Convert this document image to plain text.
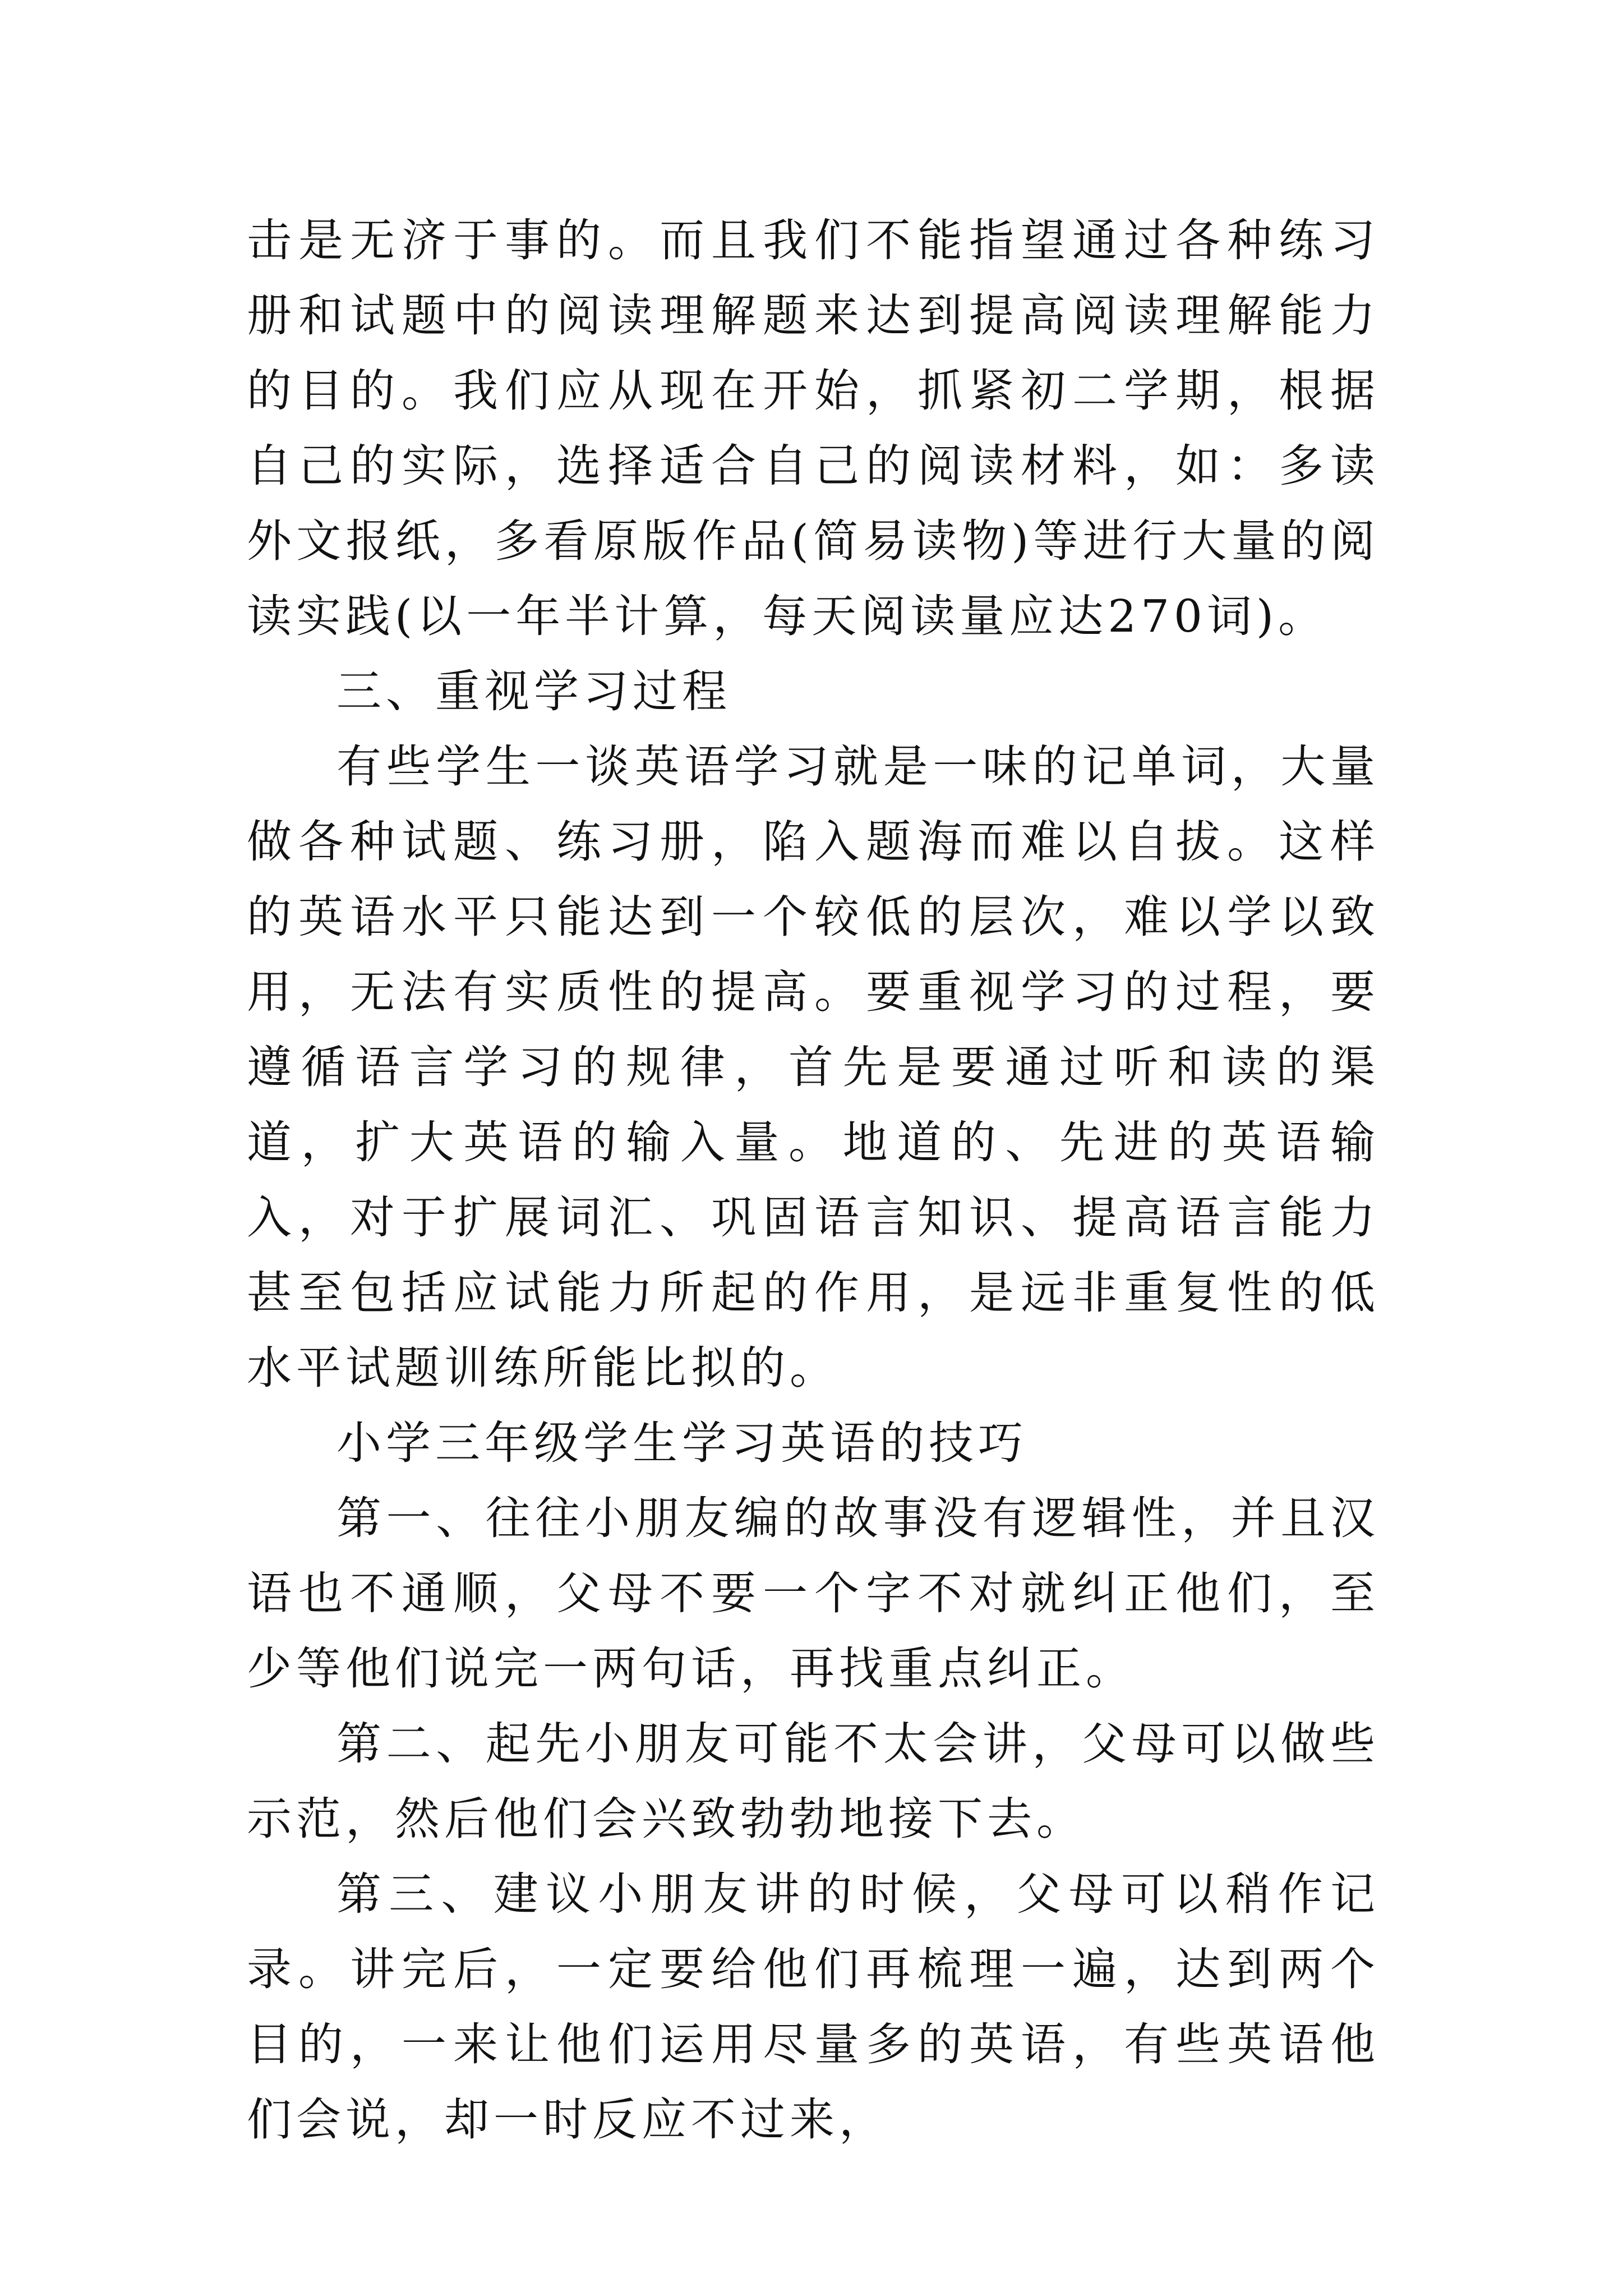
击是无济于事的。而且我们不能指望通过各种练习册和试题中的阅读理解题来达到提高阅读理解能力的目的。我们应从现在开始，抓紧初二学期，根据自己的实际，选择适合自己的阅读材料，如：多读外文报纸，多看原版作品(简易读物)等进行大量的阅读实践(以一年半计算，每天阅读量应达270词)。

三、重视学习过程

有些学生一谈英语学习就是一味的记单词，大量做各种试题、练习册，陷入题海而难以自拔。这样的英语水平只能达到一个较低的层次，难以学以致用，无法有实质性的提高。要重视学习的过程，要遵循语言学习的规律，首先是要通过听和读的渠道，扩大英语的输入量。地道的、先进的英语输入，对于扩展词汇、巩固语言知识、提高语言能力甚至包括应试能力所起的作用，是远非重复性的低水平试题训练所能比拟的。

小学三年级学生学习英语的技巧

第一、往往小朋友编的故事没有逻辑性，并且汉语也不通顺，父母不要一个字不对就纠正他们，至少等他们说完一两句话，再找重点纠正。

第二、起先小朋友可能不太会讲，父母可以做些示范，然后他们会兴致勃勃地接下去。

第三、建议小朋友讲的时候，父母可以稍作记录。讲完后，一定要给他们再梳理一遍，达到两个目的，一来让他们运用尽量多的英语，有些英语他们会说，却一时反应不过来，
